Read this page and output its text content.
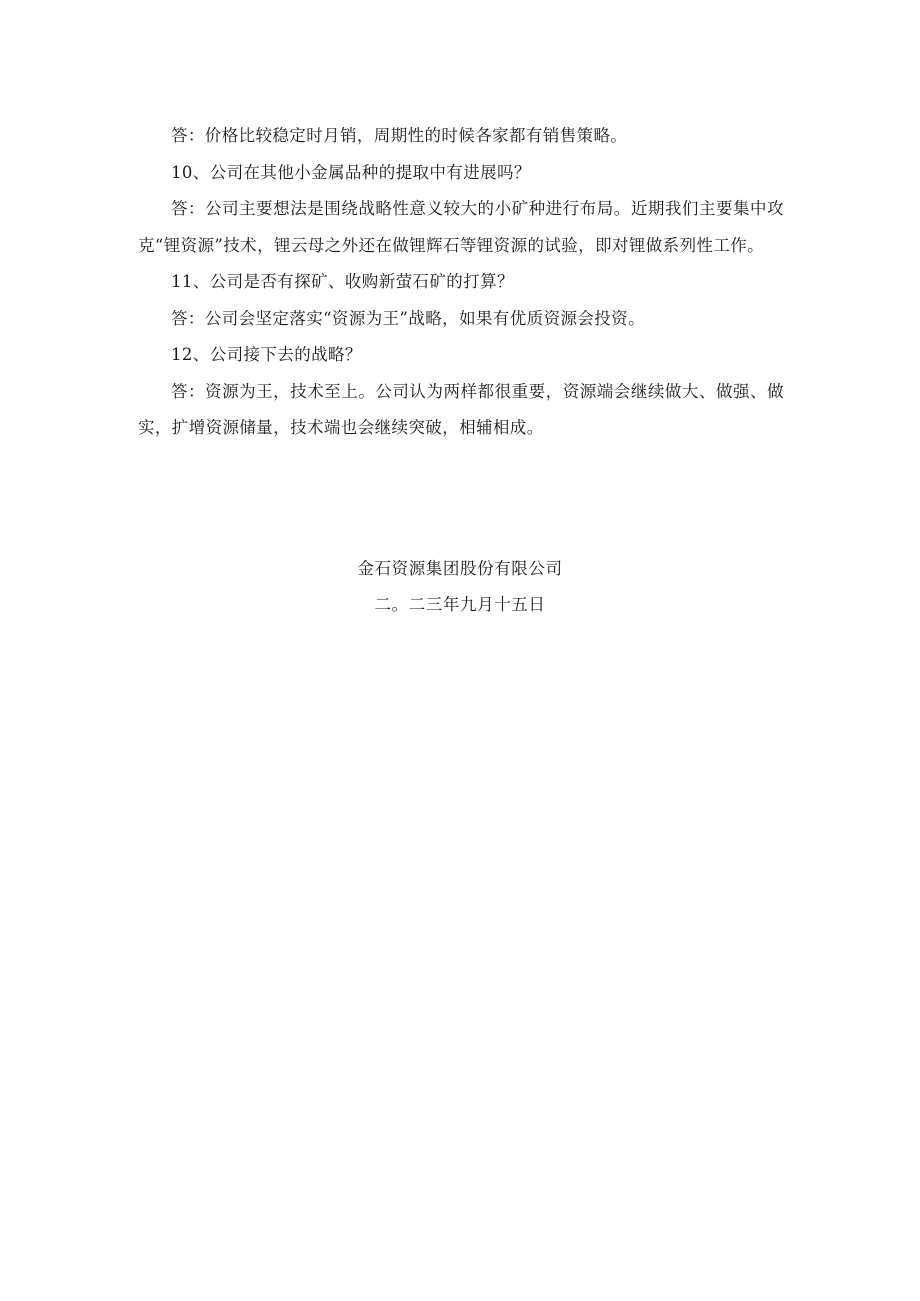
答：价格比较稳定时月销，周期性的时候各家都有销售策略。

10、公司在其他小金属品种的提取中有进展吗？

答：公司主要想法是围绕战略性意义较大的小矿种进行布局。近期我们主要集中攻克“锂资源”技术，锂云母之外还在做锂辉石等锂资源的试验，即对锂做系列性工作。

11、公司是否有探矿、收购新萤石矿的打算？

答：公司会坚定落实“资源为王”战略，如果有优质资源会投资。

12、公司接下去的战略？

答：资源为王，技术至上。公司认为两样都很重要，资源端会继续做大、做强、做实，扩增资源储量，技术端也会继续突破，相辅相成。

金石资源集团股份有限公司
二。二三年九月十五日
